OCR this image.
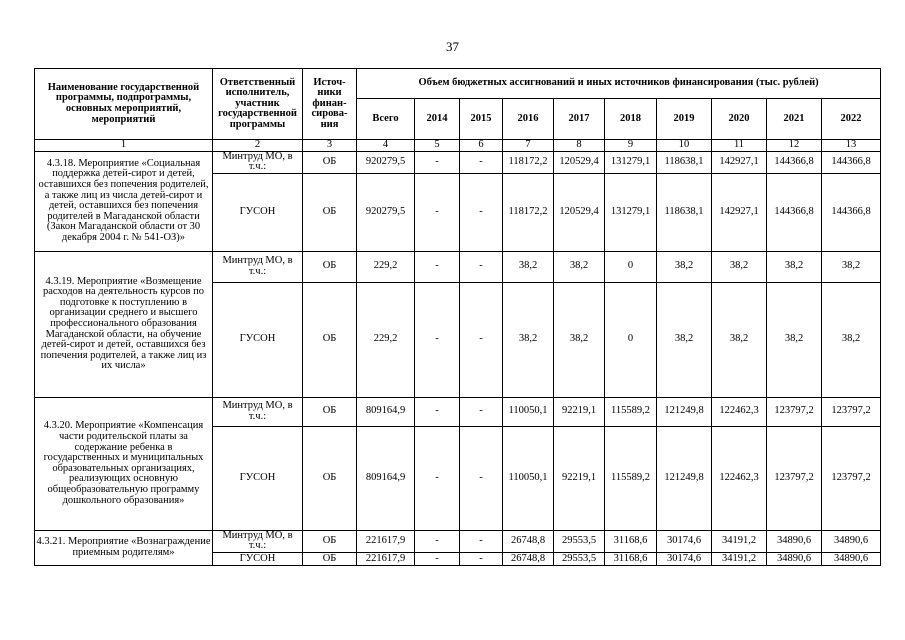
37
Наименование государственной программы, подпрограммы, основных мероприятий, мероприятий	Ответственный исполнитель, участник государственной программы	Источ-ники финан-сирова-ния	Объем бюджетных ассигнований и иных источников финансирования (тыс. рублей)									
			Всего	2014	2015	2016	2017	2018	2019	2020	2021	2022
1	2	3	4	5	6	7	8	9	10	11	12	13
4.3.18. Мероприятие «Социальная поддержка детей-сирот и детей, оставшихся без попечения родителей, а также лиц из числа детей-сирот и детей, оставшихся без попечения родителей в Магаданской области (Закон Магаданской области от 30 декабря 2004 г. № 541-ОЗ)»	Минтруд МО, в т.ч.:	ОБ	920279,5	-	-	118172,2	120529,4	131279,1	118638,1	142927,1	144366,8	144366,8
	ГУСОН	ОБ	920279,5	-	-	118172,2	120529,4	131279,1	118638,1	142927,1	144366,8	144366,8
4.3.19. Мероприятие «Возмещение расходов на деятельность курсов по подготовке к поступлению в организации среднего и высшего профессионального образования Магаданской области, на обучение детей-сирот и детей, оставшихся без попечения родителей, а также лиц из их числа»	Минтруд МО, в т.ч.:	ОБ	229,2	-	-	38,2	38,2	0	38,2	38,2	38,2	38,2
	ГУСОН	ОБ	229,2	-	-	38,2	38,2	0	38,2	38,2	38,2	38,2
4.3.20. Мероприятие «Компенсация части родительской платы за содержание ребенка в государственных и муниципальных образовательных организациях, реализующих основную общеобразовательную программу дошкольного образования»	Минтруд МО, в т.ч.:	ОБ	809164,9	-	-	110050,1	92219,1	115589,2	121249,8	122462,3	123797,2	123797,2
	ГУСОН	ОБ	809164,9	-	-	110050,1	92219,1	115589,2	121249,8	122462,3	123797,2	123797,2
4.3.21. Мероприятие «Вознаграждение приемным родителям»	Минтруд МО, в т.ч.:	ОБ	221617,9	-	-	26748,8	29553,5	31168,6	30174,6	34191,2	34890,6	34890,6
	ГУСОН	ОБ	221617,9	-	-	26748,8	29553,5	31168,6	30174,6	34191,2	34890,6	34890,6
